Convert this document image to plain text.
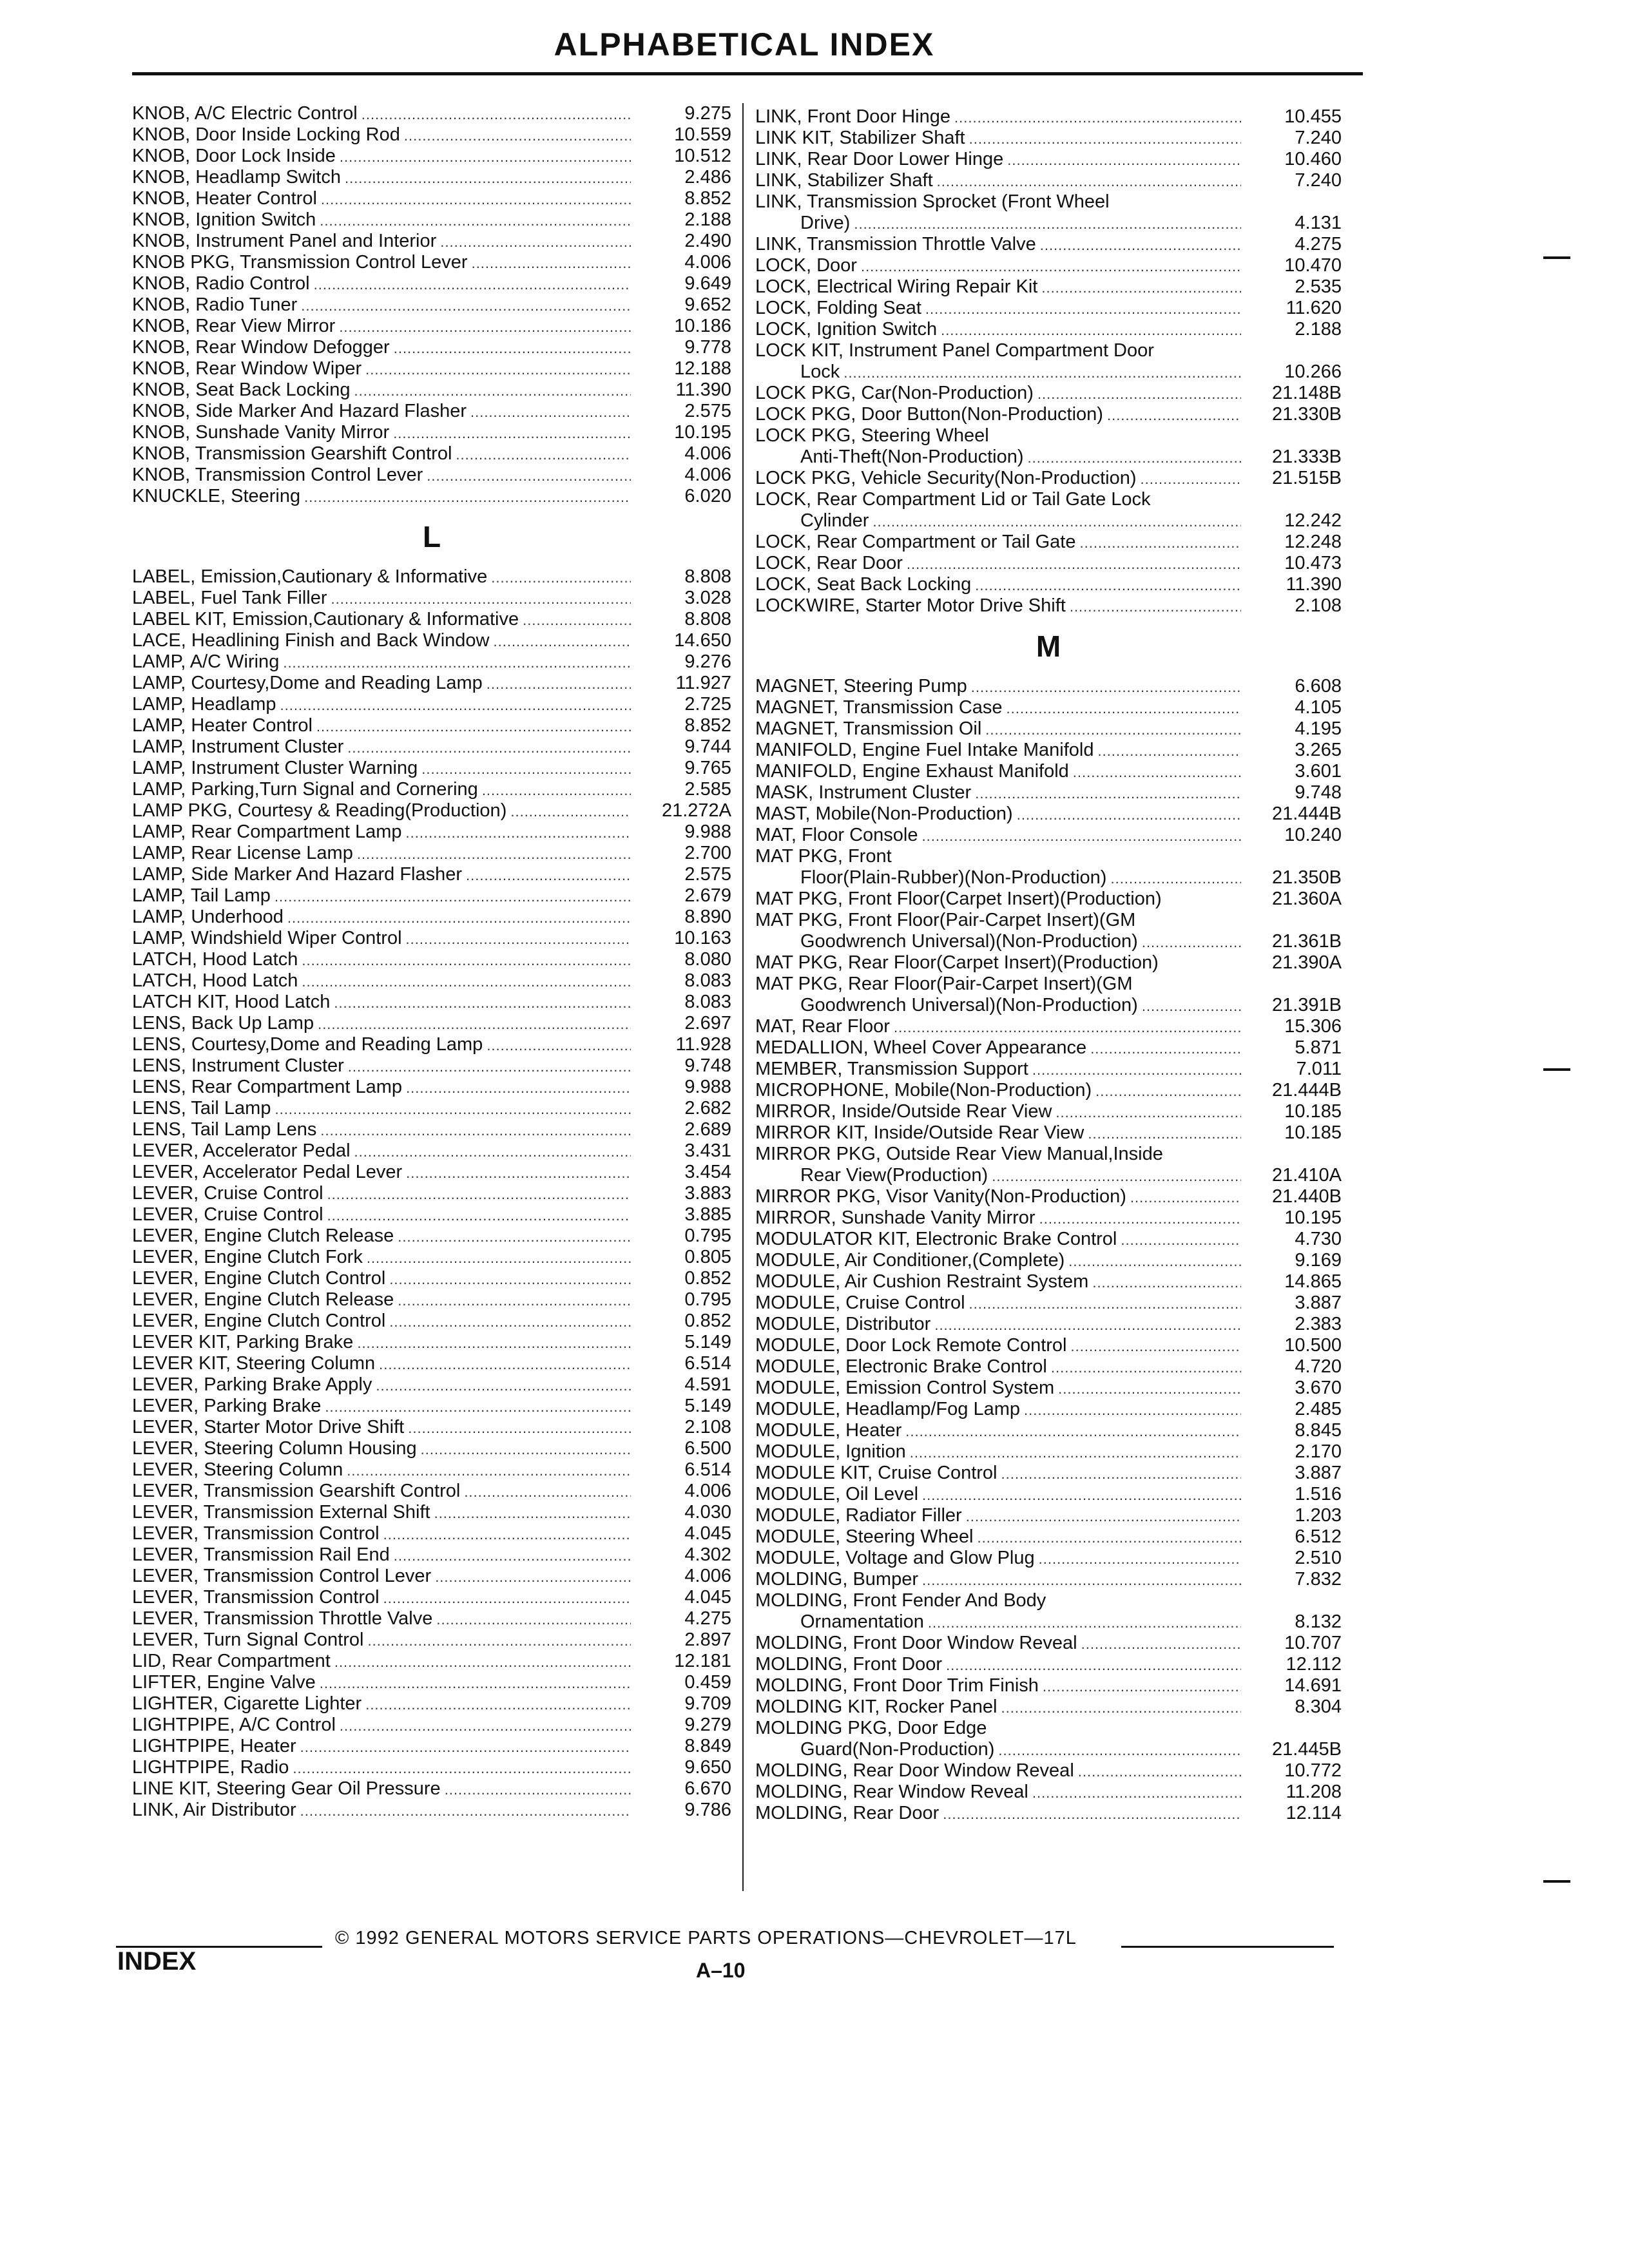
ALPHABETICAL INDEX
KNOB, A/C Electric Control .....	9.275
KNOB, Door Inside Locking Rod .....	10.559
KNOB, Door Lock Inside .....	10.512
KNOB, Headlamp Switch .....	2.486
KNOB, Heater Control .....	8.852
KNOB, Ignition Switch .....	2.188
KNOB, Instrument Panel and Interior .....	2.490
KNOB PKG, Transmission Control Lever .....	4.006
KNOB, Radio Control .....	9.649
KNOB, Radio Tuner .....	9.652
KNOB, Rear View Mirror .....	10.186
KNOB, Rear Window Defogger .....	9.778
KNOB, Rear Window Wiper .....	12.188
KNOB, Seat Back Locking .....	11.390
KNOB, Side Marker And Hazard Flasher .....	2.575
KNOB, Sunshade Vanity Mirror .....	10.195
KNOB, Transmission Gearshift Control .....	4.006
KNOB, Transmission Control Lever .....	4.006
KNUCKLE, Steering .....	6.020
L
LABEL, Emission,Cautionary & Informative .....	8.808
LABEL, Fuel Tank Filler .....	3.028
LABEL KIT, Emission,Cautionary & Informative .....	8.808
LACE, Headlining Finish and Back Window .....	14.650
LAMP, A/C Wiring .....	9.276
LAMP, Courtesy,Dome and Reading Lamp .....	11.927
LAMP, Headlamp .....	2.725
LAMP, Heater Control .....	8.852
LAMP, Instrument Cluster .....	9.744
LAMP, Instrument Cluster Warning .....	9.765
LAMP, Parking,Turn Signal and Cornering .....	2.585
LAMP PKG, Courtesy & Reading(Production) .....	21.272A
LAMP, Rear Compartment Lamp .....	9.988
LAMP, Rear License Lamp .....	2.700
LAMP, Side Marker And Hazard Flasher .....	2.575
LAMP, Tail Lamp .....	2.679
LAMP, Underhood .....	8.890
LAMP, Windshield Wiper Control .....	10.163
LATCH, Hood Latch .....	8.080
LATCH, Hood Latch .....	8.083
LATCH KIT, Hood Latch .....	8.083
LENS, Back Up Lamp .....	2.697
LENS, Courtesy,Dome and Reading Lamp .....	11.928
LENS, Instrument Cluster .....	9.748
LENS, Rear Compartment Lamp .....	9.988
LENS, Tail Lamp .....	2.682
LENS, Tail Lamp Lens .....	2.689
LEVER, Accelerator Pedal .....	3.431
LEVER, Accelerator Pedal Lever .....	3.454
LEVER, Cruise Control .....	3.883
LEVER, Cruise Control .....	3.885
LEVER, Engine Clutch Release .....	0.795
LEVER, Engine Clutch Fork .....	0.805
LEVER, Engine Clutch Control .....	0.852
LEVER, Engine Clutch Release .....	0.795
LEVER, Engine Clutch Control .....	0.852
LEVER KIT, Parking Brake .....	5.149
LEVER KIT, Steering Column .....	6.514
LEVER, Parking Brake Apply .....	4.591
LEVER, Parking Brake .....	5.149
LEVER, Starter Motor Drive Shift .....	2.108
LEVER, Steering Column Housing .....	6.500
LEVER, Steering Column .....	6.514
LEVER, Transmission Gearshift Control .....	4.006
LEVER, Transmission External Shift .....	4.030
LEVER, Transmission Control .....	4.045
LEVER, Transmission Rail End .....	4.302
LEVER, Transmission Control Lever .....	4.006
LEVER, Transmission Control .....	4.045
LEVER, Transmission Throttle Valve .....	4.275
LEVER, Turn Signal Control .....	2.897
LID, Rear Compartment .....	12.181
LIFTER, Engine Valve .....	0.459
LIGHTER, Cigarette Lighter .....	9.709
LIGHTPIPE, A/C Control .....	9.279
LIGHTPIPE, Heater .....	8.849
LIGHTPIPE, Radio .....	9.650
LINE KIT, Steering Gear Oil Pressure .....	6.670
LINK, Air Distributor .....	9.786
LINK, Front Door Hinge .....	10.455
LINK KIT, Stabilizer Shaft .....	7.240
LINK, Rear Door Lower Hinge .....	10.460
LINK, Stabilizer Shaft .....	7.240
LINK, Transmission Sprocket (Front Wheel
Drive) .....	4.131
LINK, Transmission Throttle Valve .....	4.275
LOCK, Door .....	10.470
LOCK, Electrical Wiring Repair Kit .....	2.535
LOCK, Folding Seat .....	11.620
LOCK, Ignition Switch .....	2.188
LOCK KIT, Instrument Panel Compartment Door
Lock .....	10.266
LOCK PKG, Car(Non-Production) .....	21.148B
LOCK PKG, Door Button(Non-Production) .....	21.330B
LOCK PKG, Steering Wheel
Anti-Theft(Non-Production) .....	21.333B
LOCK PKG, Vehicle Security(Non-Production) .....	21.515B
LOCK, Rear Compartment Lid or Tail Gate Lock
Cylinder .....	12.242
LOCK, Rear Compartment or Tail Gate .....	12.248
LOCK, Rear Door .....	10.473
LOCK, Seat Back Locking .....	11.390
LOCKWIRE, Starter Motor Drive Shift .....	2.108
M
MAGNET, Steering Pump .....	6.608
MAGNET, Transmission Case .....	4.105
MAGNET, Transmission Oil .....	4.195
MANIFOLD, Engine Fuel Intake Manifold .....	3.265
MANIFOLD, Engine Exhaust Manifold .....	3.601
MASK, Instrument Cluster .....	9.748
MAST, Mobile(Non-Production) .....	21.444B
MAT, Floor Console .....	10.240
MAT PKG, Front
Floor(Plain-Rubber)(Non-Production) .....	21.350B
MAT PKG, Front Floor(Carpet Insert)(Production)	21.360A
MAT PKG, Front Floor(Pair-Carpet Insert)(GM
Goodwrench Universal)(Non-Production) .....	21.361B
MAT PKG, Rear Floor(Carpet Insert)(Production)	21.390A
MAT PKG, Rear Floor(Pair-Carpet Insert)(GM
Goodwrench Universal)(Non-Production) .....	21.391B
MAT, Rear Floor .....	15.306
MEDALLION, Wheel Cover Appearance .....	5.871
MEMBER, Transmission Support .....	7.011
MICROPHONE, Mobile(Non-Production) .....	21.444B
MIRROR, Inside/Outside Rear View .....	10.185
MIRROR KIT, Inside/Outside Rear View .....	10.185
MIRROR PKG, Outside Rear View Manual,Inside
Rear View(Production) .....	21.410A
MIRROR PKG, Visor Vanity(Non-Production) .....	21.440B
MIRROR, Sunshade Vanity Mirror .....	10.195
MODULATOR KIT, Electronic Brake Control .....	4.730
MODULE, Air Conditioner,(Complete) .....	9.169
MODULE, Air Cushion Restraint System .....	14.865
MODULE, Cruise Control .....	3.887
MODULE, Distributor .....	2.383
MODULE, Door Lock Remote Control .....	10.500
MODULE, Electronic Brake Control .....	4.720
MODULE, Emission Control System .....	3.670
MODULE, Headlamp/Fog Lamp .....	2.485
MODULE, Heater .....	8.845
MODULE, Ignition .....	2.170
MODULE KIT, Cruise Control .....	3.887
MODULE, Oil Level .....	1.516
MODULE, Radiator Filler .....	1.203
MODULE, Steering Wheel .....	6.512
MODULE, Voltage and Glow Plug .....	2.510
MOLDING, Bumper .....	7.832
MOLDING, Front Fender And Body
Ornamentation .....	8.132
MOLDING, Front Door Window Reveal .....	10.707
MOLDING, Front Door .....	12.112
MOLDING, Front Door Trim Finish .....	14.691
MOLDING KIT, Rocker Panel .....	8.304
MOLDING PKG, Door Edge
Guard(Non-Production) .....	21.445B
MOLDING, Rear Door Window Reveal .....	10.772
MOLDING, Rear Window Reveal .....	11.208
MOLDING, Rear Door .....	12.114
© 1992 GENERAL MOTORS SERVICE PARTS OPERATIONS—CHEVROLET—17L
INDEX	A–10
